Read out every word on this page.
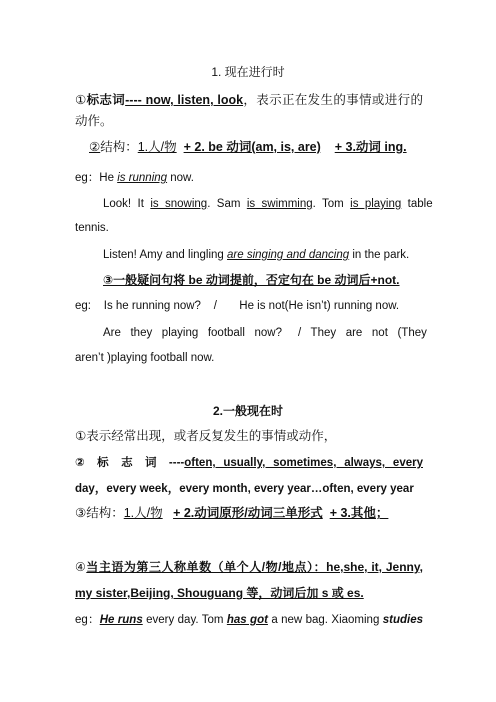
1. 现在进行时
①标志词---- now, listen, look，表示正在发生的事情或进行的
动作。
②结构：1.人/物 + 2. be 动词(am, is, are) + 3.动词 ing.
eg：He is running now.
Look!  It  is  snowing.  Sam  is  swimming.  Tom  is  playing  table
tennis.
Listen! Amy and lingling are singing and dancing in the park.
③一般疑问句将 be 动词提前，否定句在 be 动词后+not.
eg:    Is he running now?    /       He is not(He isn’t) running now.
Are   they   playing   football   now?     /   They   are   not   (They
aren’t )playing football now.
2.一般现在时
①表示经常出现，或者反复发生的事情或动作，
② 标 志 词 ----often, usually, sometimes, always, every
day，every week，every month, every year…often, every year
③结构：1.人/物 + 2.动词原形/动词三单形式 + 3.其他；
④当主语为第三人称单数（单个人/物/地点）：he,she, it, Jenny,
my sister,Beijing, Shouguang 等，动词后加 s 或 es.
eg：He runs every day. Tom has got a new bag. Xiaoming studies
